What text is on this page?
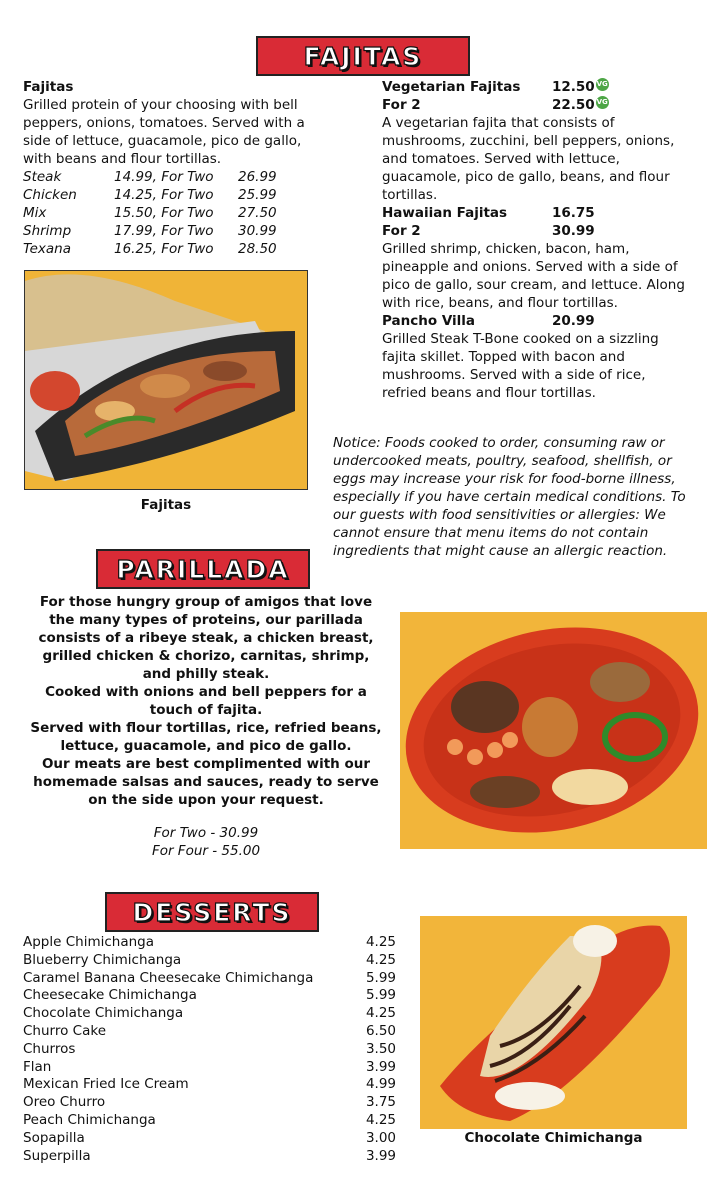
FAJITAS
Fajitas
Grilled protein of your choosing with bell peppers, onions, tomatoes. Served with a side of lettuce, guacamole, pico de gallo, with beans and flour tortillas.
Steak	14.99, For Two	26.99
Chicken	14.25, For Two	25.99
Mix	15.50, For Two	27.50
Shrimp	17.99, For Two	30.99
Texana	16.25, For Two	28.50
Fajitas
Vegetarian Fajitas	12.50 VG
For 2	22.50 VG
A vegetarian fajita that consists of mushrooms, zucchini, bell peppers, onions, and tomatoes. Served with lettuce, guacamole, pico de gallo, beans, and flour tortillas.
Hawaiian Fajitas	16.75
For 2	30.99
Grilled shrimp, chicken, bacon, ham, pineapple and onions. Served with a side of pico de gallo, sour cream, and lettuce. Along with rice, beans, and flour tortillas.
Pancho Villa	20.99
Grilled Steak T-Bone cooked on a sizzling fajita skillet. Topped with bacon and mushrooms. Served with a side of rice, refried beans and flour tortillas.
Notice: Foods cooked to order, consuming raw or undercooked meats, poultry, seafood, shellfish, or eggs may increase your risk for food-borne illness, especially if you have certain medical conditions. To our guests with food sensitivities or allergies: We cannot ensure that menu items do not contain ingredients that might cause an allergic reaction.
PARILLADA
For those hungry group of amigos that love the many types of proteins, our parillada consists of a ribeye steak, a chicken breast, grilled chicken & chorizo, carnitas, shrimp, and philly steak.
Cooked with onions and bell peppers for a touch of fajita.
Served with flour tortillas, rice, refried beans, lettuce, guacamole, and pico de gallo.
Our meats are best complimented with our homemade salsas and sauces, ready to serve on the side upon your request.
For Two - 30.99
For Four - 55.00
DESSERTS
Apple Chimichanga	4.25
Blueberry Chimichanga	4.25
Caramel Banana Cheesecake Chimichanga	5.99
Cheesecake Chimichanga	5.99
Chocolate Chimichanga	4.25
Churro Cake	6.50
Churros	3.50
Flan	3.99
Mexican Fried Ice Cream	4.99
Oreo Churro	3.75
Peach Chimichanga	4.25
Sopapilla	3.00
Superpilla	3.99
Chocolate Chimichanga
